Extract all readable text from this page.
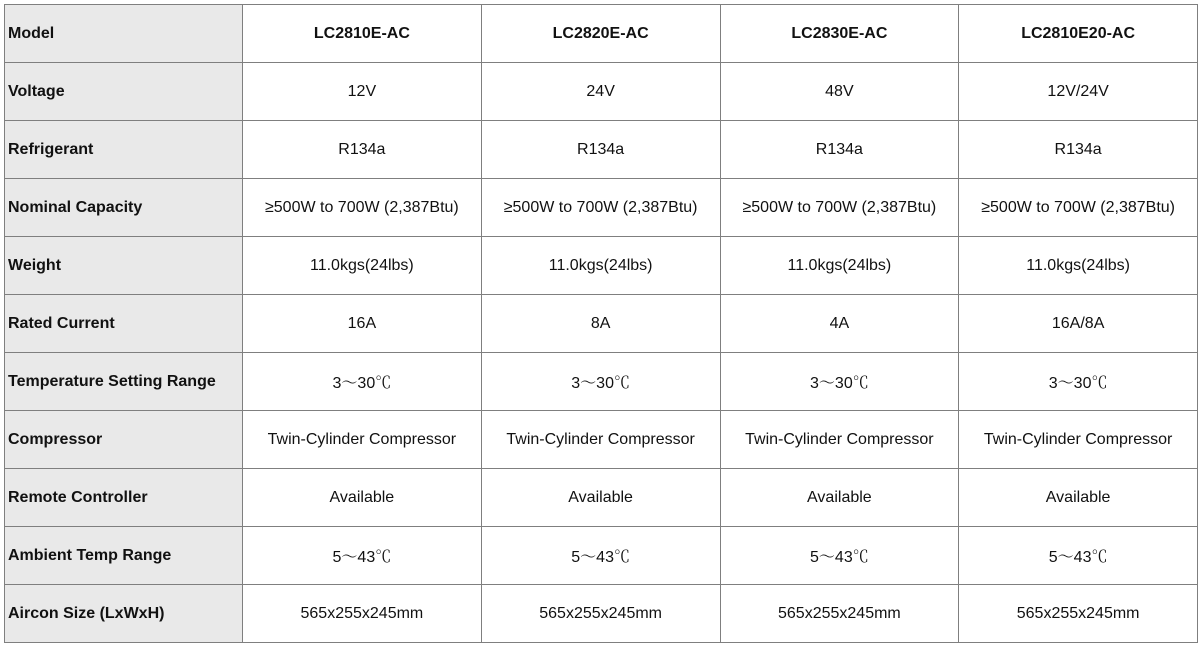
Model	LC2810E-AC	LC2820E-AC	LC2830E-AC	LC2810E20-AC
Voltage	12V	24V	48V	12V/24V
Refrigerant	R134a	R134a	R134a	R134a
Nominal Capacity	≥500W to 700W (2,387Btu)	≥500W to 700W (2,387Btu)	≥500W to 700W (2,387Btu)	≥500W to 700W (2,387Btu)
Weight	11.0kgs(24lbs)	11.0kgs(24lbs)	11.0kgs(24lbs)	11.0kgs(24lbs)
Rated Current	16A	8A	4A	16A/8A
Temperature Setting Range	3～30℃	3～30℃	3～30℃	3～30℃
Compressor	Twin-Cylinder Compressor	Twin-Cylinder Compressor	Twin-Cylinder Compressor	Twin-Cylinder Compressor
Remote Controller	Available	Available	Available	Available
Ambient Temp Range	5～43℃	5～43℃	5～43℃	5～43℃
Aircon Size (LxWxH)	565x255x245mm	565x255x245mm	565x255x245mm	565x255x245mm
